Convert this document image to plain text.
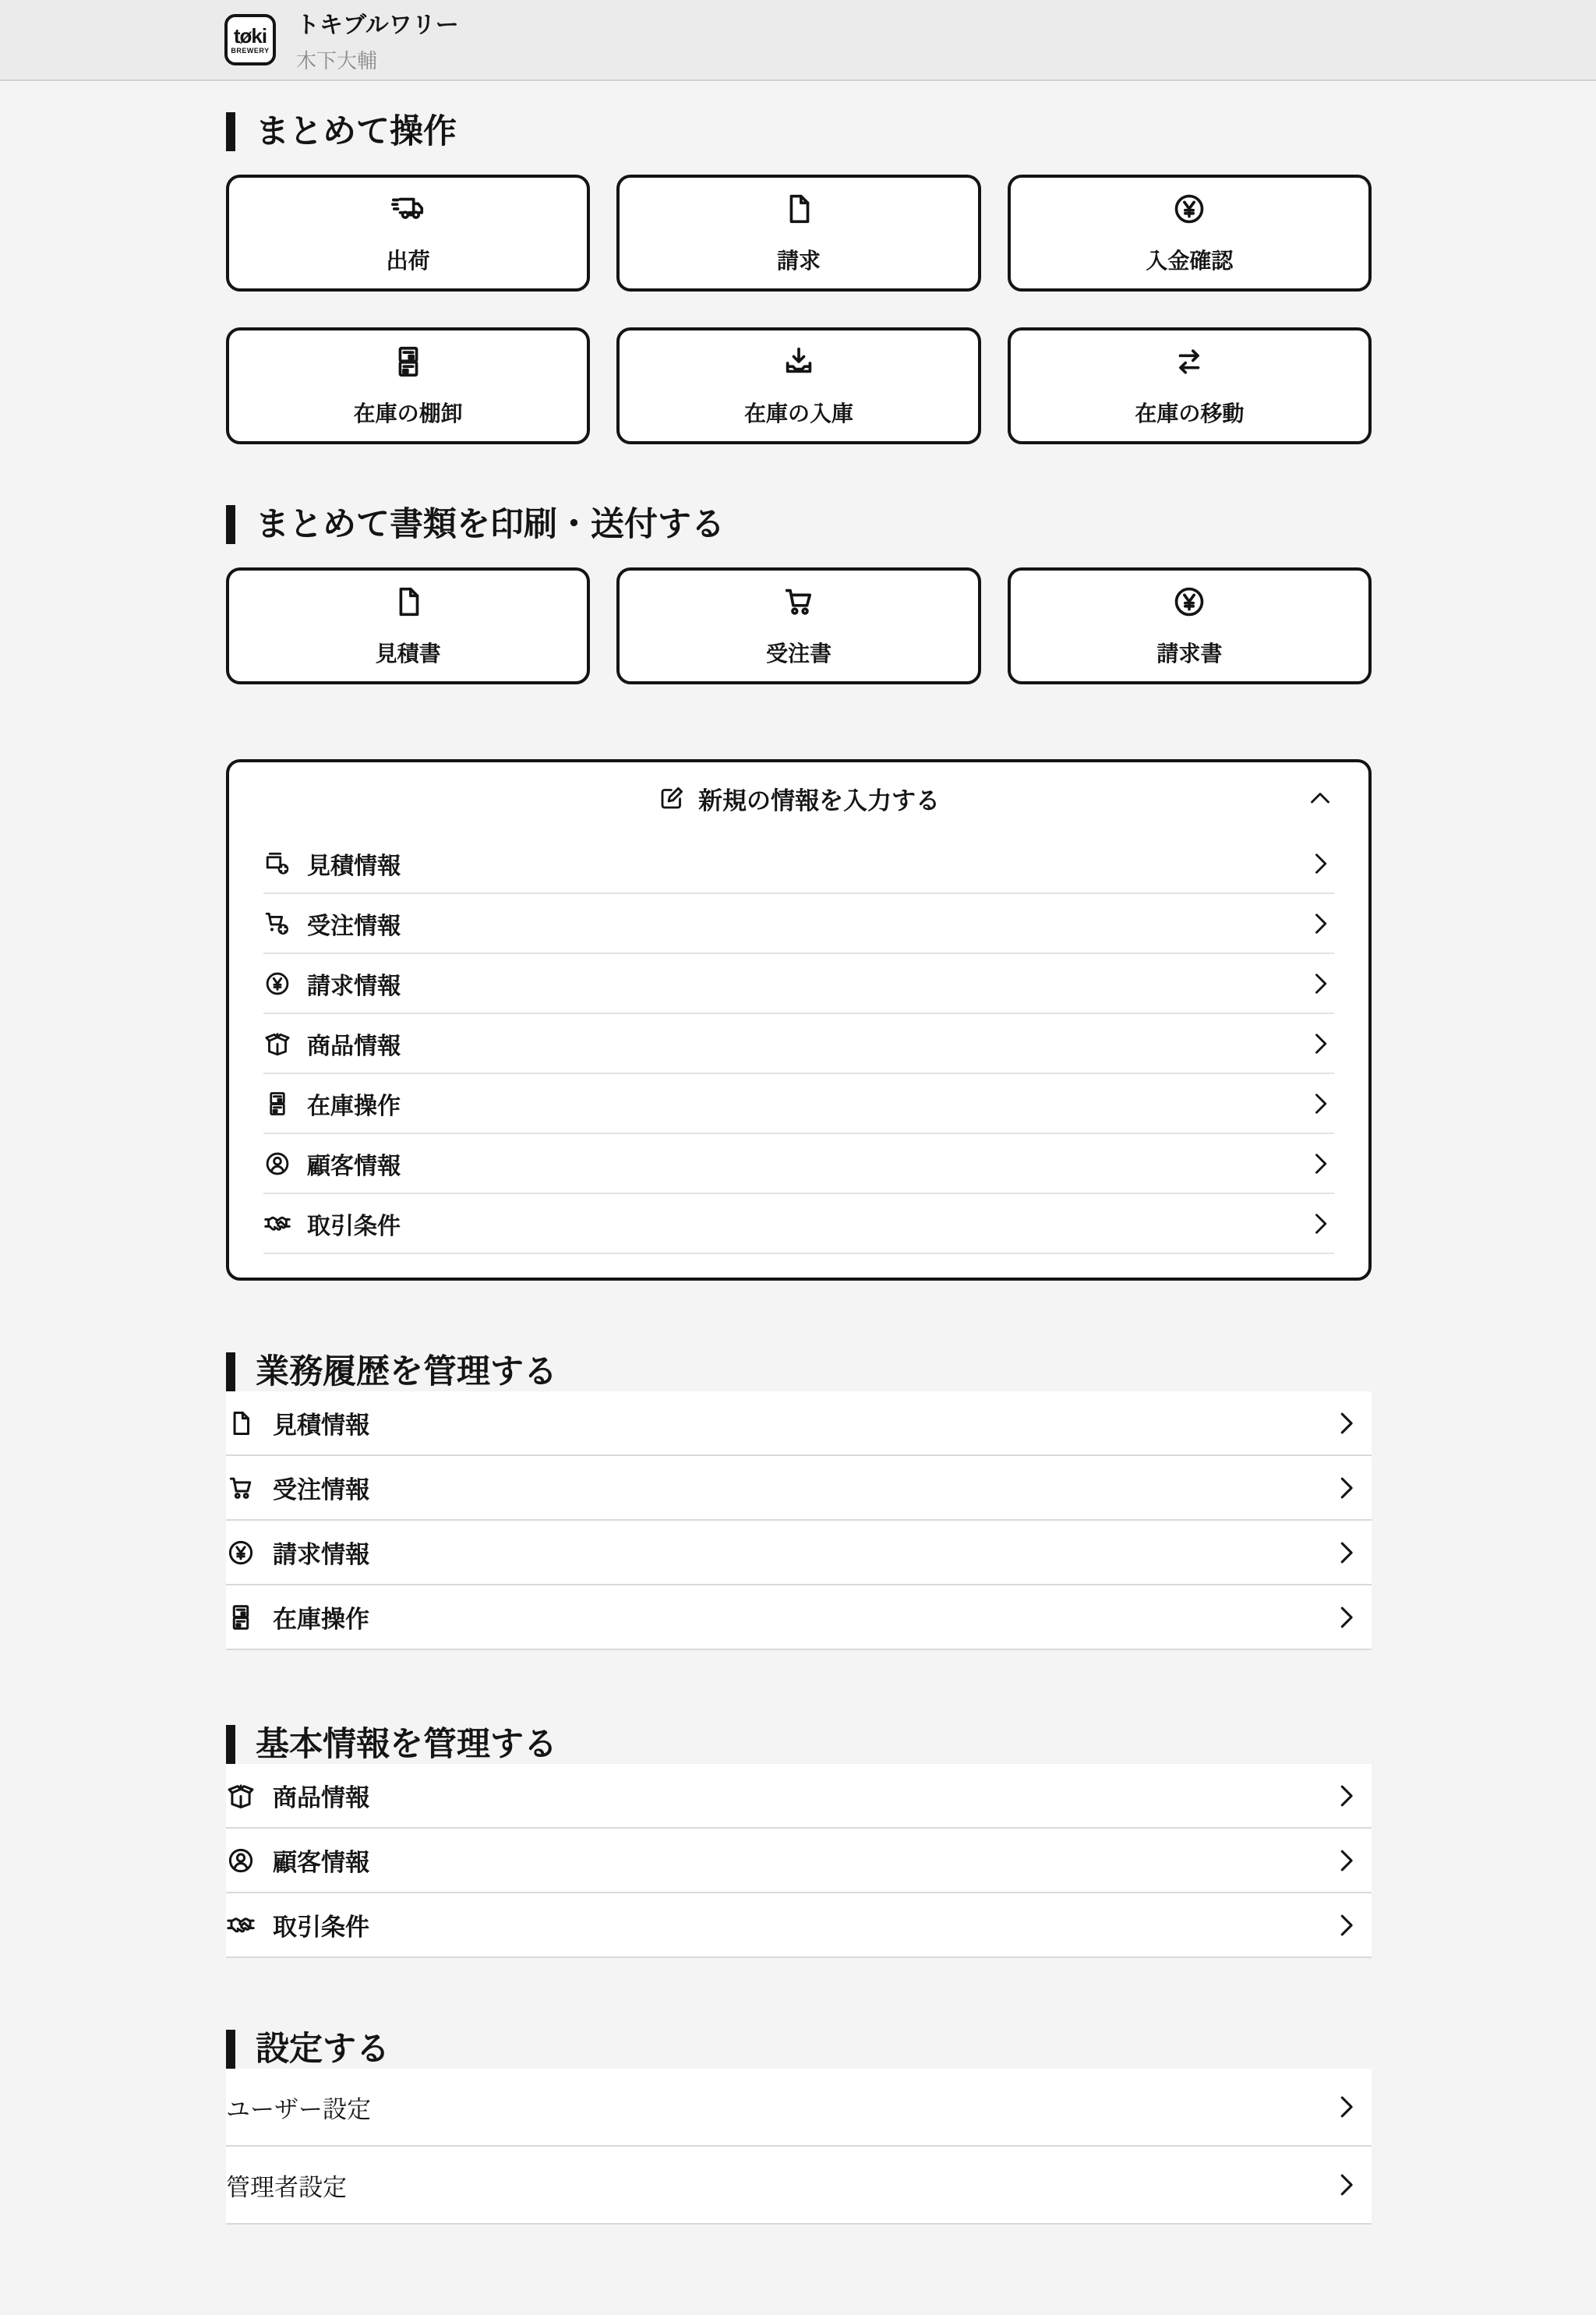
tøki
BREWERY
トキブルワリー
木下大輔
まとめて操作
出荷	請求	入金確認
在庫の棚卸	在庫の入庫	在庫の移動
まとめて書類を印刷・送付する
見積書	受注書	請求書
新規の情報を入力する
見積情報
受注情報
請求情報
商品情報
在庫操作
顧客情報
取引条件
業務履歴を管理する
見積情報
受注情報
請求情報
在庫操作
基本情報を管理する
商品情報
顧客情報
取引条件
設定する
ユーザー設定
管理者設定
